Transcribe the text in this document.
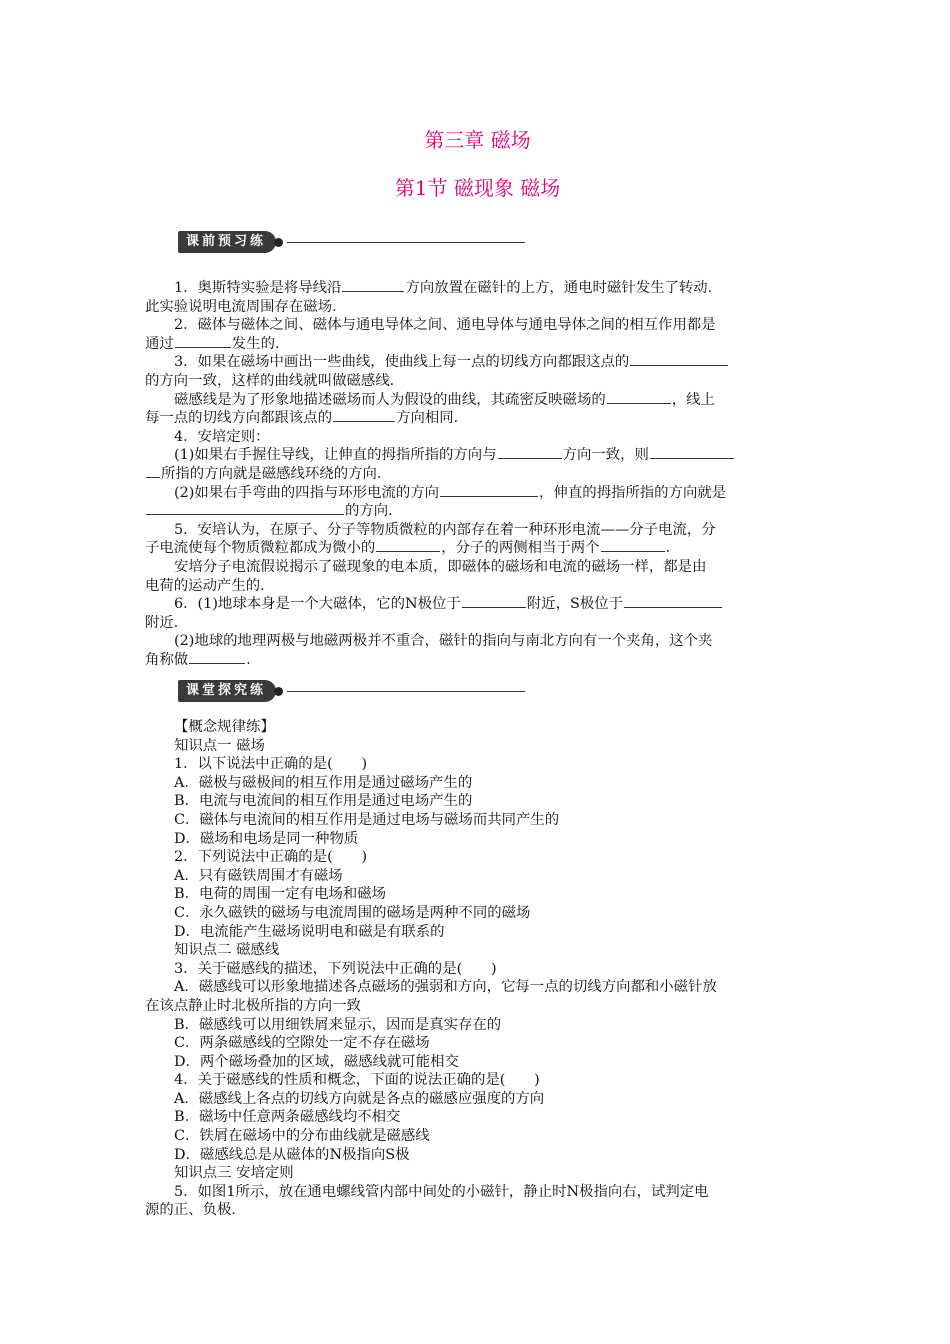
第三章 磁场
第1节 磁现象 磁场
课前预习练

1．奥斯特实验是将导线沿	方向放置在磁针的上方，通电时磁针发生了转动．

此实验说明电流周围存在磁场．

2．磁体与磁体之间、磁体与通电导体之间、通电导体与通电导体之间的相互作用都是

通过	发生的．

3．如果在磁场中画出一些曲线，使曲线上每一点的切线方向都跟这点的

的方向一致，这样的曲线就叫做磁感线．

磁感线是为了形象地描述磁场而人为假设的曲线，其疏密反映磁场的	，线上

每一点的切线方向都跟该点的	方向相同．

4．安培定则：

(1)如果右手握住导线，让伸直的拇指所指的方向与	方向一致，则

所指的方向就是磁感线环绕的方向．

(2)如果右手弯曲的四指与环形电流的方向	，伸直的拇指所指的方向就是

的方向．

5．安培认为，在原子、分子等物质微粒的内部存在着一种环形电流——分子电流，分

子电流使每个物质微粒都成为微小的	，分子的两侧相当于两个	．

安培分子电流假说揭示了磁现象的电本质，即磁体的磁场和电流的磁场一样，都是由

电荷的运动产生的．

6．(1)地球本身是一个大磁体，它的N极位于	附近，S极位于

附近．

(2)地球的地理两极与地磁两极并不重合，磁针的指向与南北方向有一个夹角，这个夹

角称做	．

课堂探究练

【概念规律练】

知识点一 磁场

1．以下说法中正确的是(　　)

A．磁极与磁极间的相互作用是通过磁场产生的

B．电流与电流间的相互作用是通过电场产生的

C．磁体与电流间的相互作用是通过电场与磁场而共同产生的

D．磁场和电场是同一种物质

2．下列说法中正确的是(　　)

A．只有磁铁周围才有磁场

B．电荷的周围一定有电场和磁场

C．永久磁铁的磁场与电流周围的磁场是两种不同的磁场

D．电流能产生磁场说明电和磁是有联系的

知识点二 磁感线

3．关于磁感线的描述，下列说法中正确的是(　　)

A．磁感线可以形象地描述各点磁场的强弱和方向，它每一点的切线方向都和小磁针放

在该点静止时北极所指的方向一致

B．磁感线可以用细铁屑来显示，因而是真实存在的

C．两条磁感线的空隙处一定不存在磁场

D．两个磁场叠加的区域，磁感线就可能相交

4．关于磁感线的性质和概念，下面的说法正确的是(　　)

A．磁感线上各点的切线方向就是各点的磁感应强度的方向

B．磁场中任意两条磁感线均不相交

C．铁屑在磁场中的分布曲线就是磁感线

D．磁感线总是从磁体的N极指向S极

知识点三 安培定则

5．如图1所示，放在通电螺线管内部中间处的小磁针，静止时N极指向右，试判定电

源的正、负极．
